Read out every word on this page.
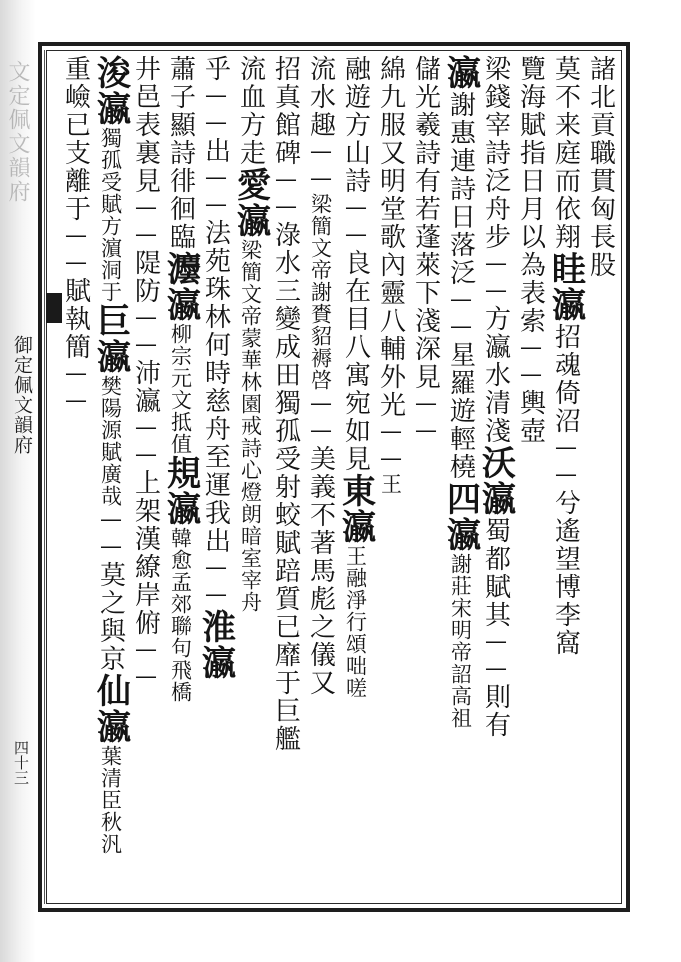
文定佩文韻府
御定佩文韻府
四十三
諸北貢職貫匈長股
莫不来庭而依翔眭瀛招魂倚沼——兮遙望博李窩
覽海賦指日月以為表索——輿壺
梁錢宰詩泛舟步——方瀛水清淺沃瀛蜀都賦其——則有
瀛謝惠連詩日落泛——星羅遊輕橈四瀛謝莊宋明帝詔高祖
儲光羲詩有若蓬萊下淺深見——
綿九服又明堂歌內靈八輔外光——王
融遊方山詩——良在目八寓宛如見東瀛王融淨行頌咄嗟
流水趣——梁簡文帝謝賚貂褥啓——美義不著馬彪之儀又
招真館碑——淥水三變成田獨孤受射蛟賦踣質已靡于巨艦
流血方走愛瀛梁簡文帝蒙華林園戒詩心燈朗暗室宰舟
乎——出——法苑珠林何時慈舟至運我出——淮瀛
蕭子顯詩徘徊臨灋瀛柳宗元文抵值規瀛韓愈孟郊聯句飛橋
井邑表裏見——隄防——沛瀛——上架漢繚岸俯——
浚瀛獨孤受賦方濵洞于巨瀛樊陽源賦廣哉——莫之與京仙瀛葉清臣秋汎
重嶮已支離于——賦執簡——
